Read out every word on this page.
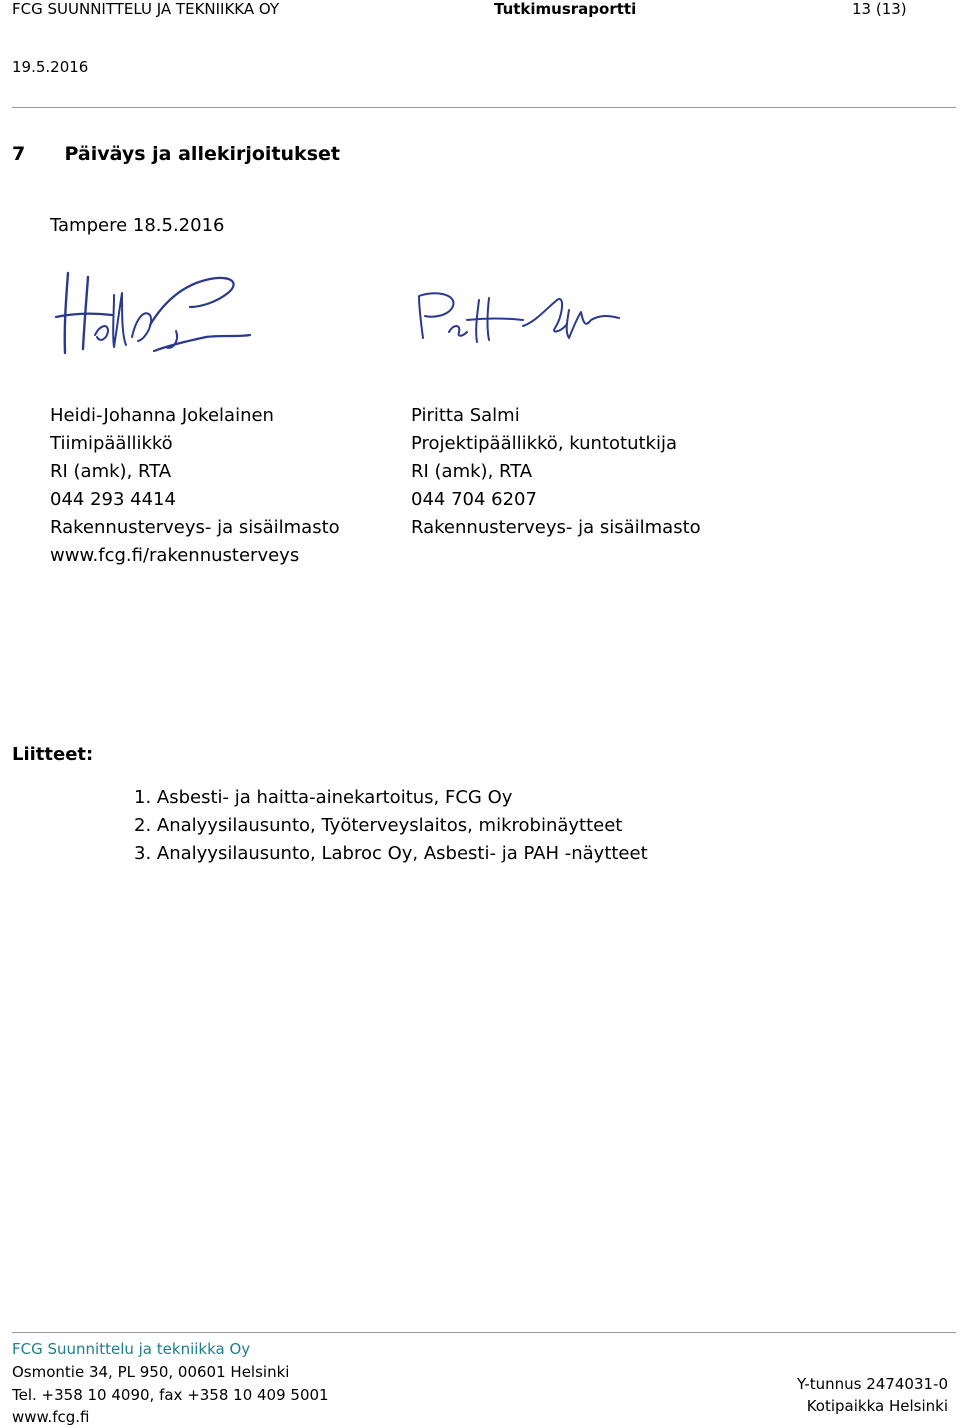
FCG SUUNNITTELU JA TEKNIIKKA OY	Tutkimusraportti	13 (13)
19.5.2016
7 Päiväys ja allekirjoitukset
Tampere 18.5.2016
Heidi-Johanna Jokelainen
Tiimipäällikkö
RI (amk), RTA
044 293 4414
Rakennusterveys- ja sisäilmasto
www.fcg.fi/rakennusterveys
Piritta Salmi
Projektipäällikkö, kuntotutkija
RI (amk), RTA
044 704 6207
Rakennusterveys- ja sisäilmasto
Liitteet:
1. Asbesti- ja haitta-ainekartoitus, FCG Oy
2. Analyysilausunto, Työterveyslaitos, mikrobinäytteet
3. Analyysilausunto, Labroc Oy, Asbesti- ja PAH -näytteet
FCG Suunnittelu ja tekniikka Oy
Osmontie 34, PL 950, 00601 Helsinki
Tel. +358 10 4090, fax +358 10 409 5001
www.fcg.fi
Y-tunnus 2474031-0
Kotipaikka Helsinki
